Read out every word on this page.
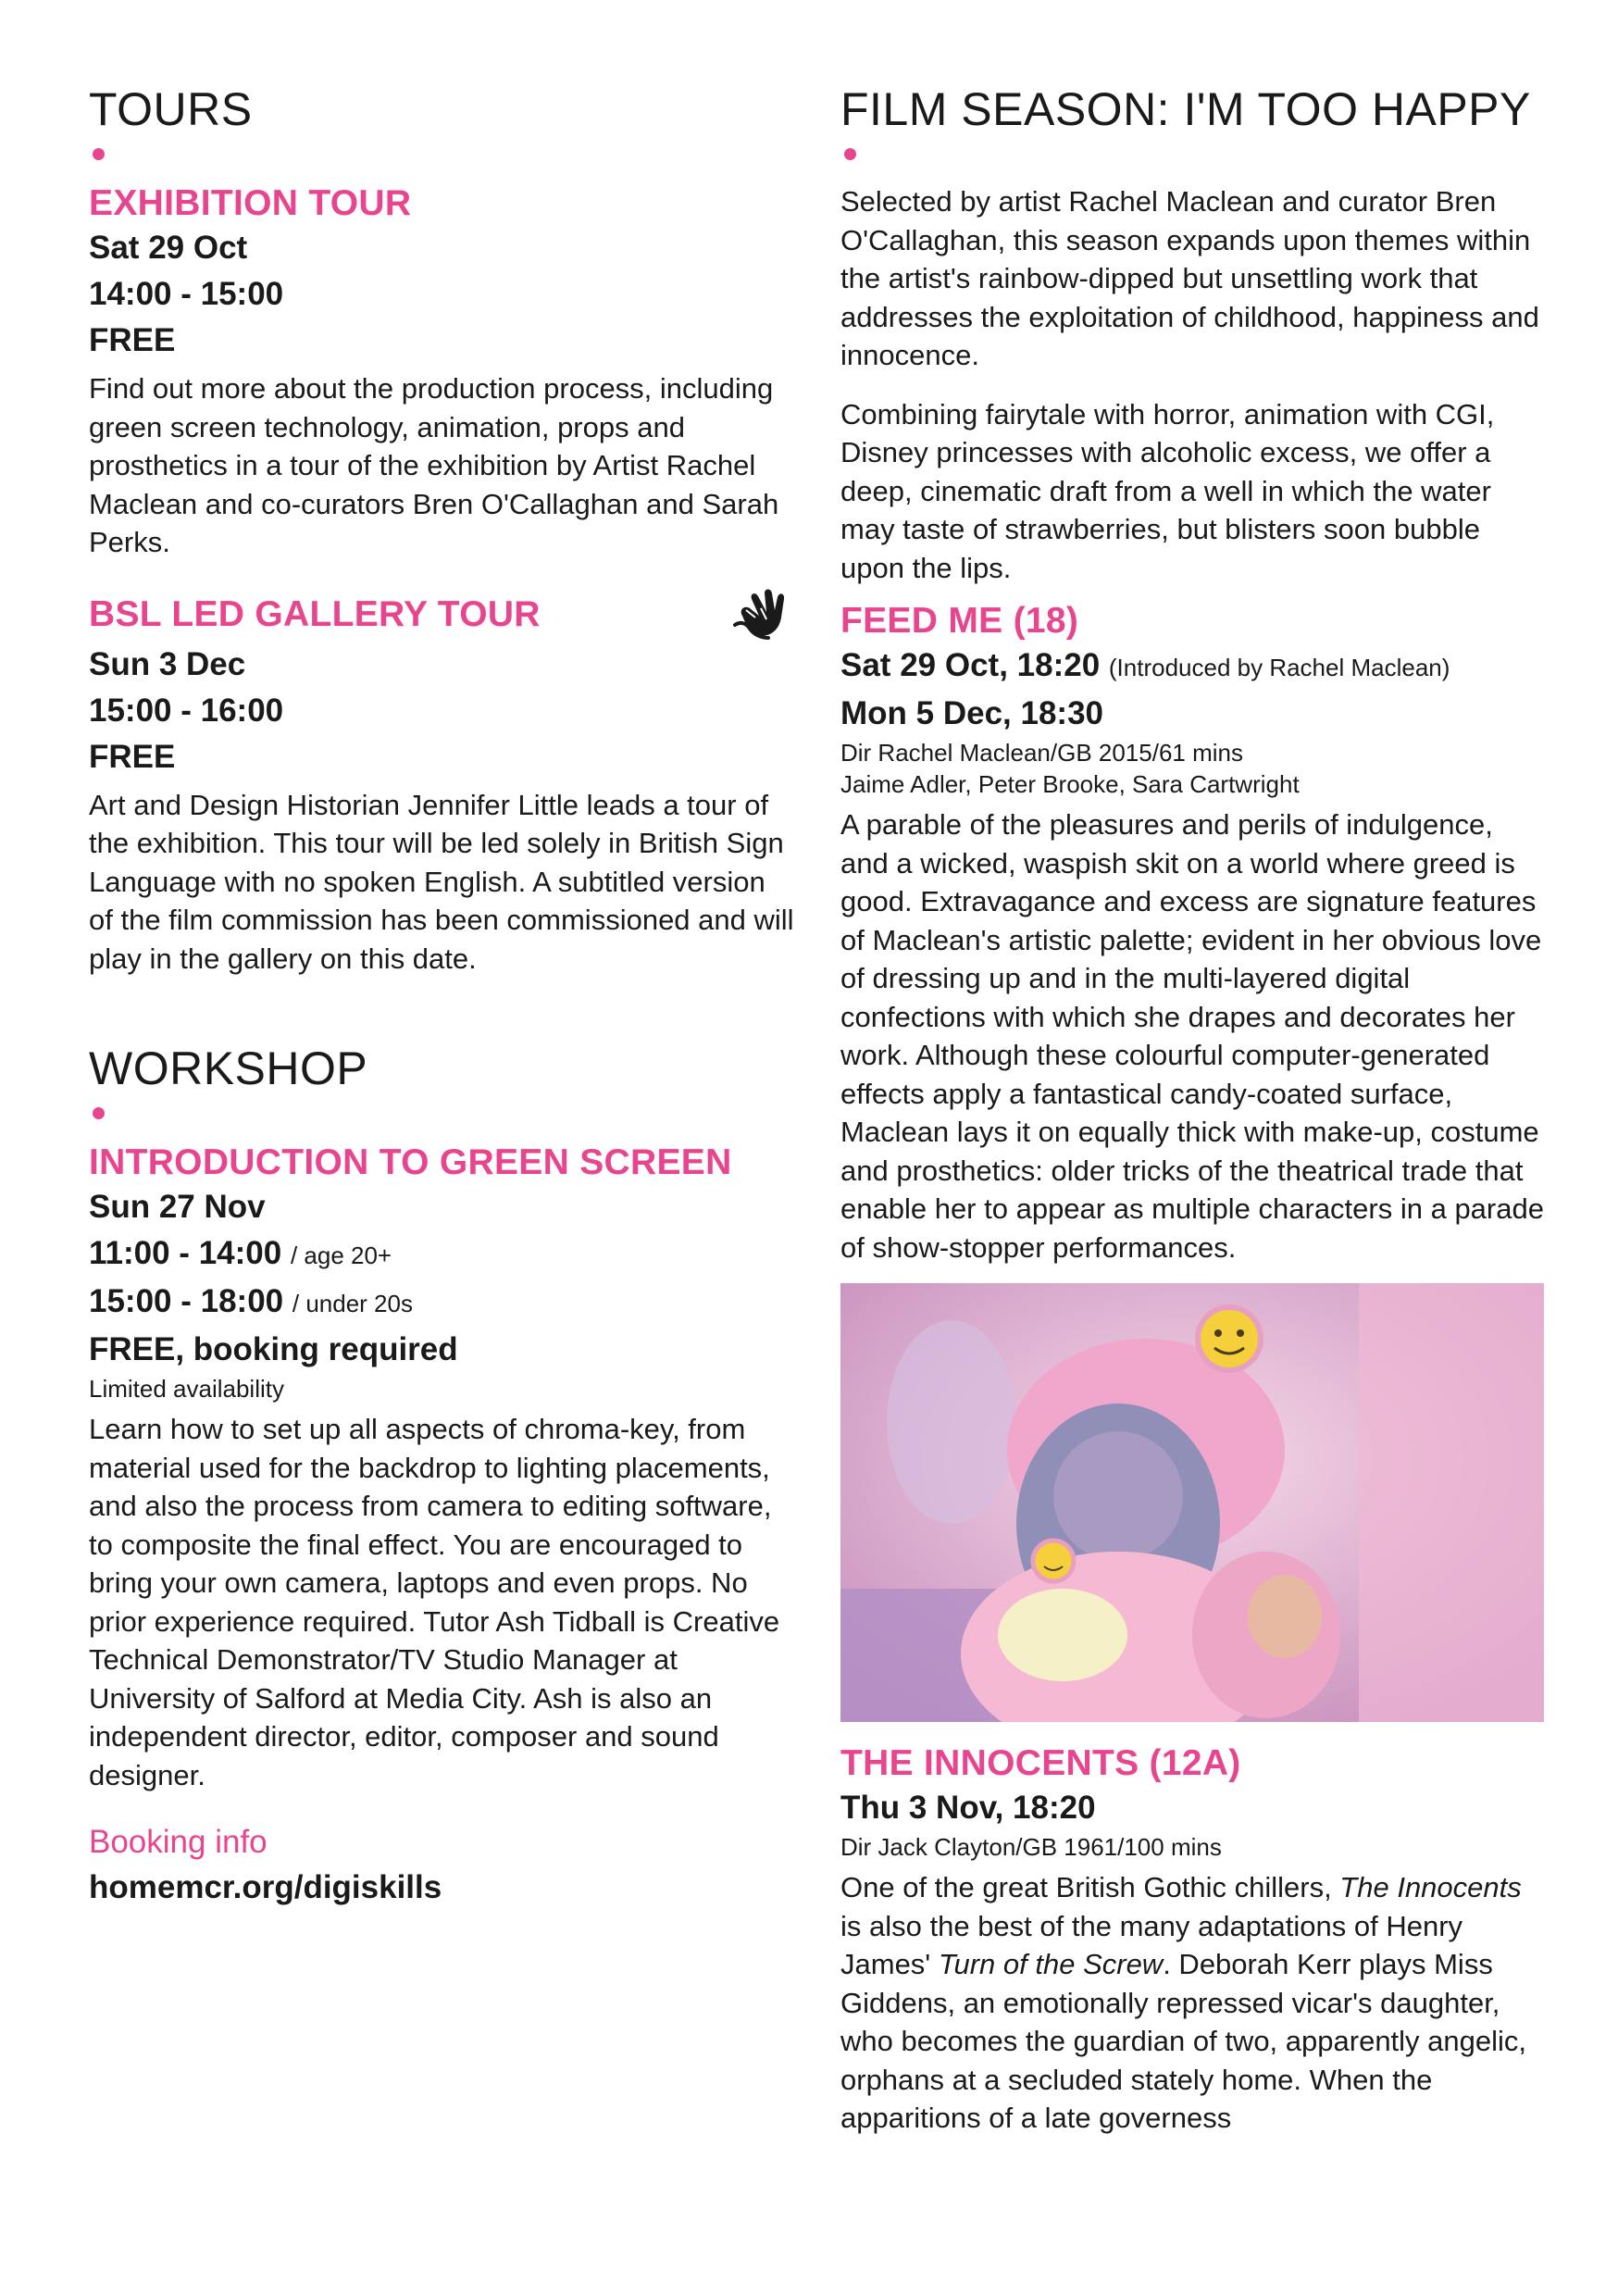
TOURS
EXHIBITION TOUR

Sat 29 Oct

14:00 - 15:00

FREE

Find out more about the production process, including green screen technology, animation, props and prosthetics in a tour of the exhibition by Artist Rachel Maclean and co-curators Bren O'Callaghan and Sarah Perks.

BSL LED GALLERY TOUR

Sun 3 Dec

15:00 - 16:00

FREE

Art and Design Historian Jennifer Little leads a tour of the exhibition. This tour will be led solely in British Sign Language with no spoken English. A subtitled version of the film commission has been commissioned and will play in the gallery on this date.

WORKSHOP
INTRODUCTION TO GREEN SCREEN

Sun 27 Nov

11:00 - 14:00 / age 20+

15:00 - 18:00 / under 20s

FREE, booking required

Limited availability

Learn how to set up all aspects of chroma-key, from material used for the backdrop to lighting placements, and also the process from camera to editing software, to composite the final effect. You are encouraged to bring your own camera, laptops and even props. No prior experience required. Tutor Ash Tidball is Creative Technical Demonstrator/TV Studio Manager at University of Salford at Media City. Ash is also an independent director, editor, composer and sound designer.

Booking info

homemcr.org/digiskills

FILM SEASON: I'M TOO HAPPY

Selected by artist Rachel Maclean and curator Bren O'Callaghan, this season expands upon themes within the artist's rainbow-dipped but unsettling work that addresses the exploitation of childhood, happiness and innocence.

Combining fairytale with horror, animation with CGI, Disney princesses with alcoholic excess, we offer a deep, cinematic draft from a well in which the water may taste of strawberries, but blisters soon bubble upon the lips.

FEED ME (18)

Sat 29 Oct, 18:20 (Introduced by Rachel Maclean)

Mon 5 Dec, 18:30

Dir Rachel Maclean/GB 2015/61 mins

Jaime Adler, Peter Brooke, Sara Cartwright

A parable of the pleasures and perils of indulgence, and a wicked, waspish skit on a world where greed is good. Extravagance and excess are signature features of Maclean's artistic palette; evident in her obvious love of dressing up and in the multi-layered digital confections with which she drapes and decorates her work. Although these colourful computer-generated effects apply a fantastical candy-coated surface, Maclean lays it on equally thick with make-up, costume and prosthetics: older tricks of the theatrical trade that enable her to appear as multiple characters in a parade of show-stopper performances.

THE INNOCENTS (12A)

Thu 3 Nov, 18:20

Dir Jack Clayton/GB 1961/100 mins

One of the great British Gothic chillers, The Innocents is also the best of the many adaptations of Henry James' Turn of the Screw. Deborah Kerr plays Miss Giddens, an emotionally repressed vicar's daughter, who becomes the guardian of two, apparently angelic, orphans at a secluded stately home. When the apparitions of a late governess
